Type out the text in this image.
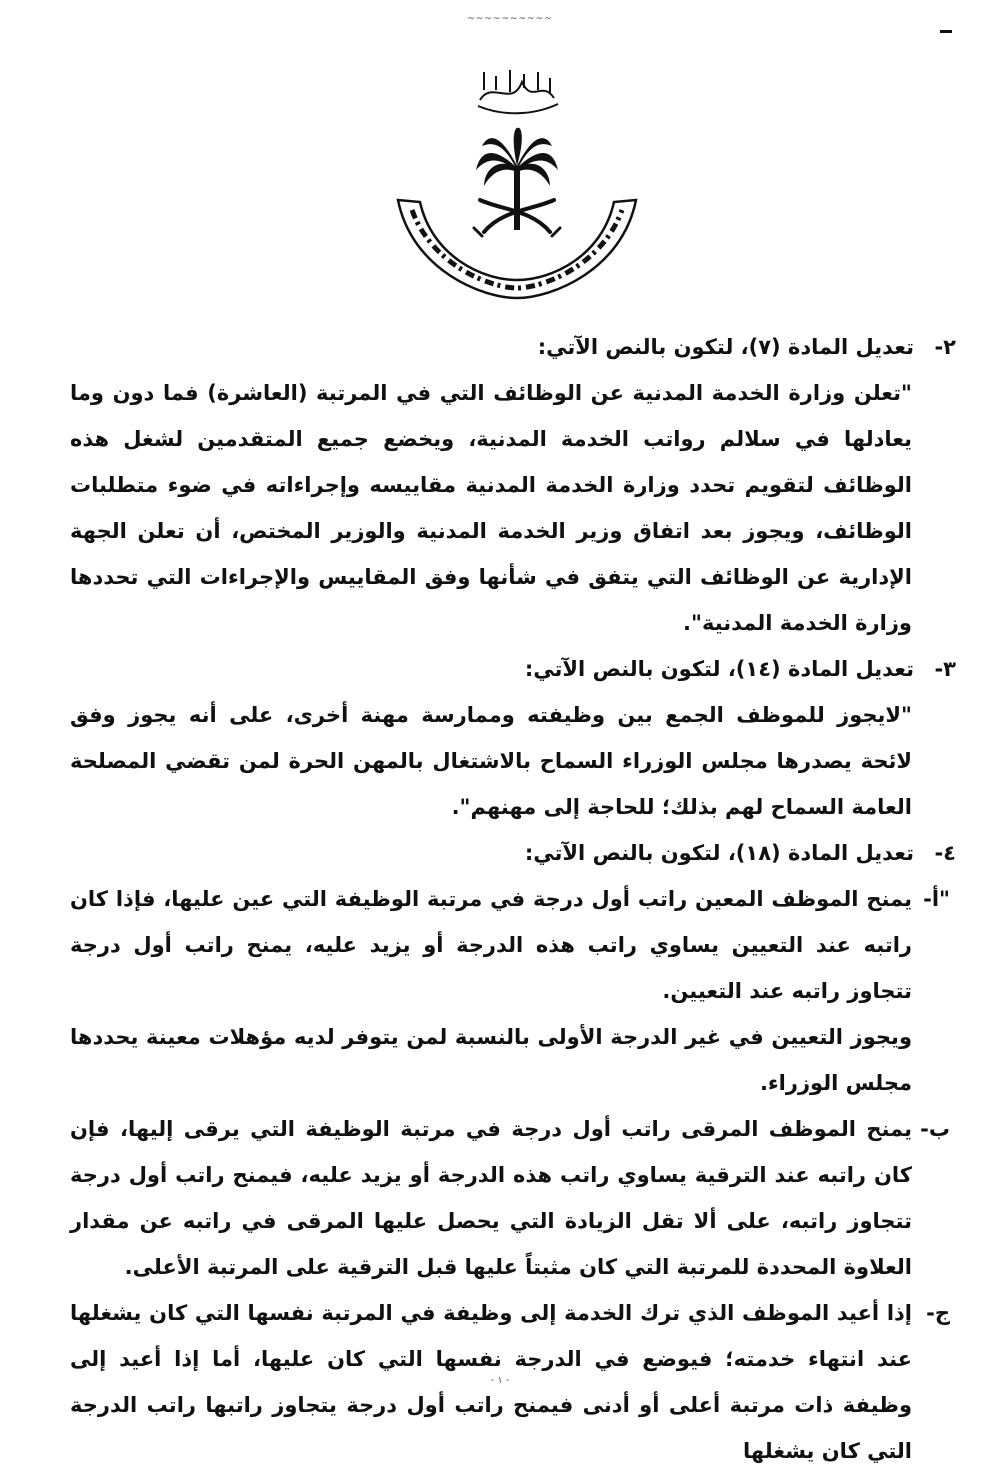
~~~~~~~~~~

٢-
تعديل المادة (٧)، لتكون بالنص الآتي:

"تعلن وزارة الخدمة المدنية عن الوظائف التي في المرتبة (العاشرة) فما دون وما يعادلها في سلالم رواتب الخدمة المدنية، ويخضع جميع المتقدمين لشغل هذه الوظائف لتقويم تحدد وزارة الخدمة المدنية مقاييسه وإجراءاته في ضوء متطلبات الوظائف، ويجوز بعد اتفاق وزير الخدمة المدنية والوزير المختص، أن تعلن الجهة الإدارية عن الوظائف التي يتفق في شأنها وفق المقاييس والإجراءات التي تحددها وزارة الخدمة المدنية".

٣-
تعديل المادة (١٤)، لتكون بالنص الآتي:

"لايجوز للموظف الجمع بين وظيفته وممارسة مهنة أخرى، على أنه يجوز وفق لائحة يصدرها مجلس الوزراء السماح بالاشتغال بالمهن الحرة لمن تقضي المصلحة العامة السماح لهم بذلك؛ للحاجة إلى مهنهم".

٤-
تعديل المادة (١٨)، لتكون بالنص الآتي:

"أ-
يمنح الموظف المعين راتب أول درجة في مرتبة الوظيفة التي عين عليها، فإذا كان راتبه عند التعيين يساوي راتب هذه الدرجة أو يزيد عليه، يمنح راتب أول درجة تتجاوز راتبه عند التعيين.

ويجوز التعيين في غير الدرجة الأولى بالنسبة لمن يتوفر لديه مؤهلات معينة يحددها مجلس الوزراء.

ب-
يمنح الموظف المرقى راتب أول درجة في مرتبة الوظيفة التي يرقى إليها، فإن كان راتبه عند الترقية يساوي راتب هذه الدرجة أو يزيد عليه، فيمنح راتب أول درجة تتجاوز راتبه، على ألا تقل الزيادة التي يحصل عليها المرقى في راتبه عن مقدار العلاوة المحددة للمرتبة التي كان مثبتاً عليها قبل الترقية على المرتبة الأعلى.

ج-
إذا أعيد الموظف الذي ترك الخدمة إلى وظيفة في المرتبة نفسها التي كان يشغلها عند انتهاء خدمته؛ فيوضع في الدرجة نفسها التي كان عليها، أما إذا أعيد إلى وظيفة ذات مرتبة أعلى أو أدنى فيمنح راتب أول درجة يتجاوز راتبها راتب الدرجة التي كان يشغلها

- ١ -
